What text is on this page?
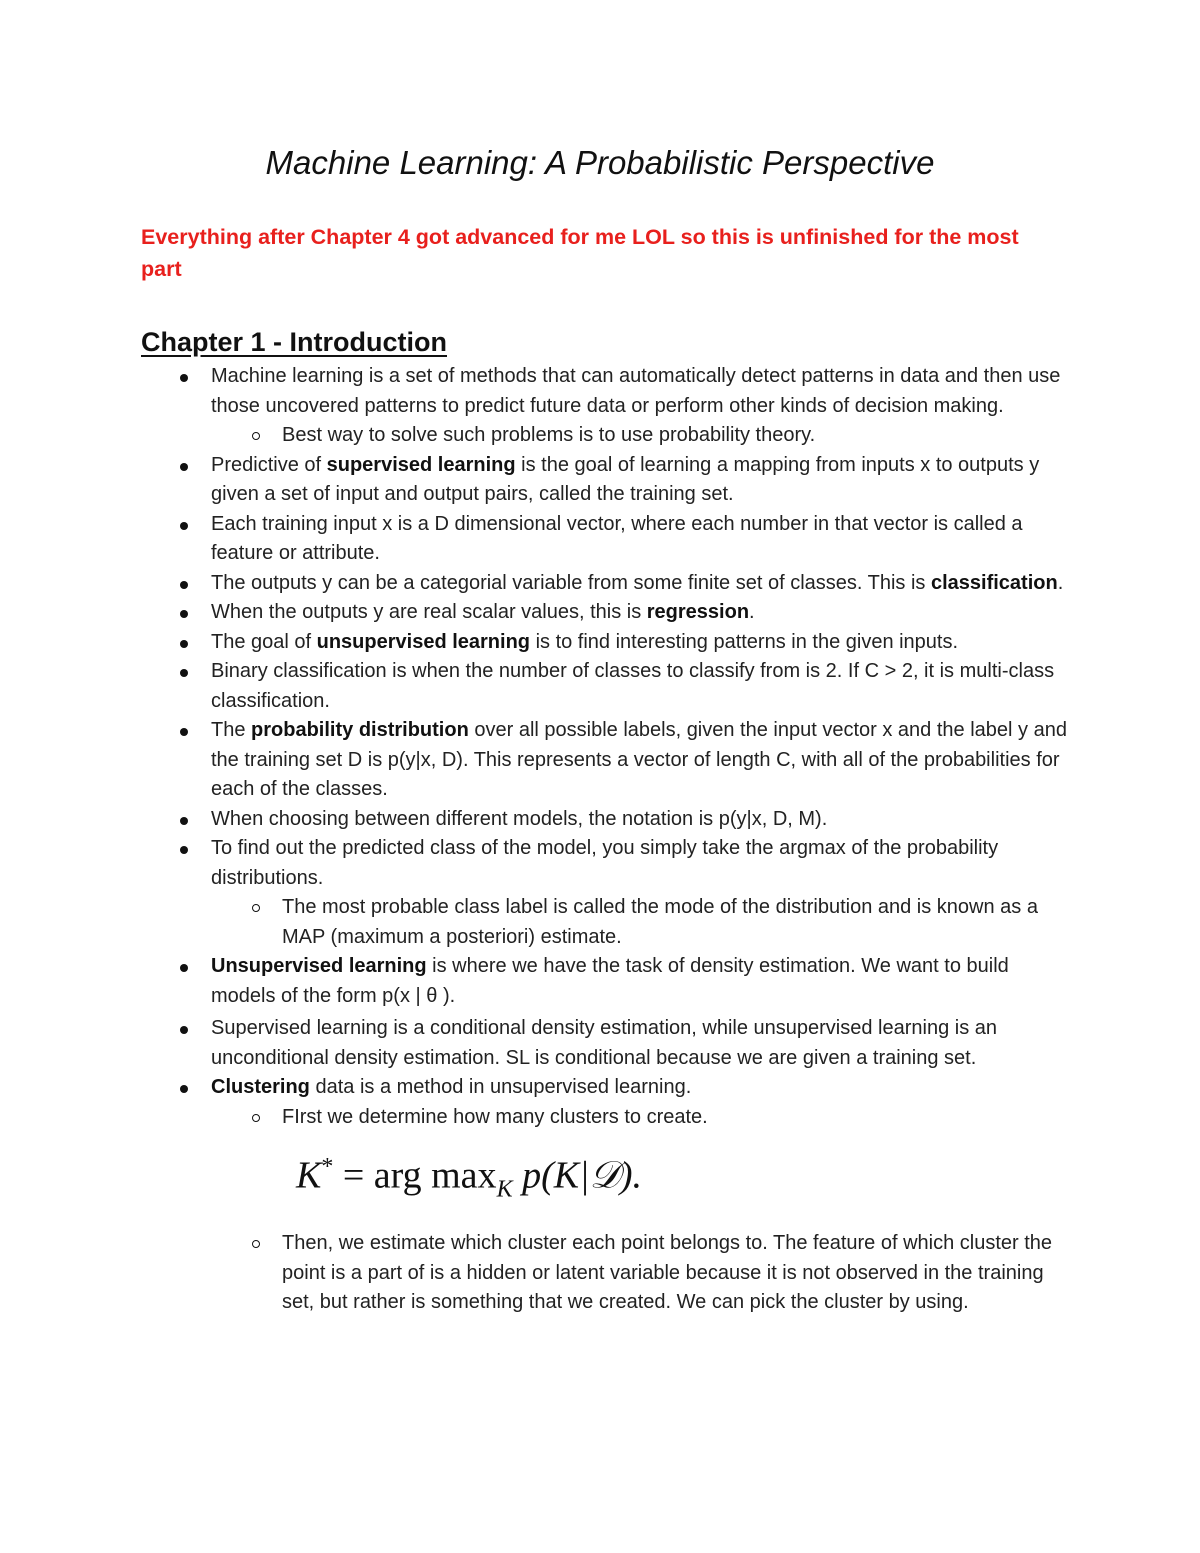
Machine Learning: A Probabilistic Perspective
Everything after Chapter 4 got advanced for me LOL so this is unfinished for the most part
Chapter 1 - Introduction
Machine learning is a set of methods that can automatically detect patterns in data and then use those uncovered patterns to predict future data or perform other kinds of decision making.
Best way to solve such problems is to use probability theory.
Predictive of supervised learning is the goal of learning a mapping from inputs x to outputs y given a set of input and output pairs, called the training set.
Each training input x is a D dimensional vector, where each number in that vector is called a feature or attribute.
The outputs y can be a categorial variable from some finite set of classes. This is classification.
When the outputs y are real scalar values, this is regression.
The goal of unsupervised learning is to find interesting patterns in the given inputs.
Binary classification is when the number of classes to classify from is 2. If C > 2, it is multi-class classification.
The probability distribution over all possible labels, given the input vector x and the label y and the training set D is p(y|x, D). This represents a vector of length C, with all of the probabilities for each of the classes.
When choosing between different models, the notation is p(y|x, D, M).
To find out the predicted class of the model, you simply take the argmax of the probability distributions.
The most probable class label is called the mode of the distribution and is known as a MAP (maximum a posteriori) estimate.
Unsupervised learning is where we have the task of density estimation. We want to build models of the form p(x | θ ).
Supervised learning is a conditional density estimation, while unsupervised learning is an unconditional density estimation. SL is conditional because we are given a training set.
Clustering data is a method in unsupervised learning.
FIrst we determine how many clusters to create.
K* = arg $\max_K$ p(K|𝒟).
Then, we estimate which cluster each point belongs to. The feature of which cluster the point is a part of is a hidden or latent variable because it is not observed in the training set, but rather is something that we created. We can pick the cluster by using.
